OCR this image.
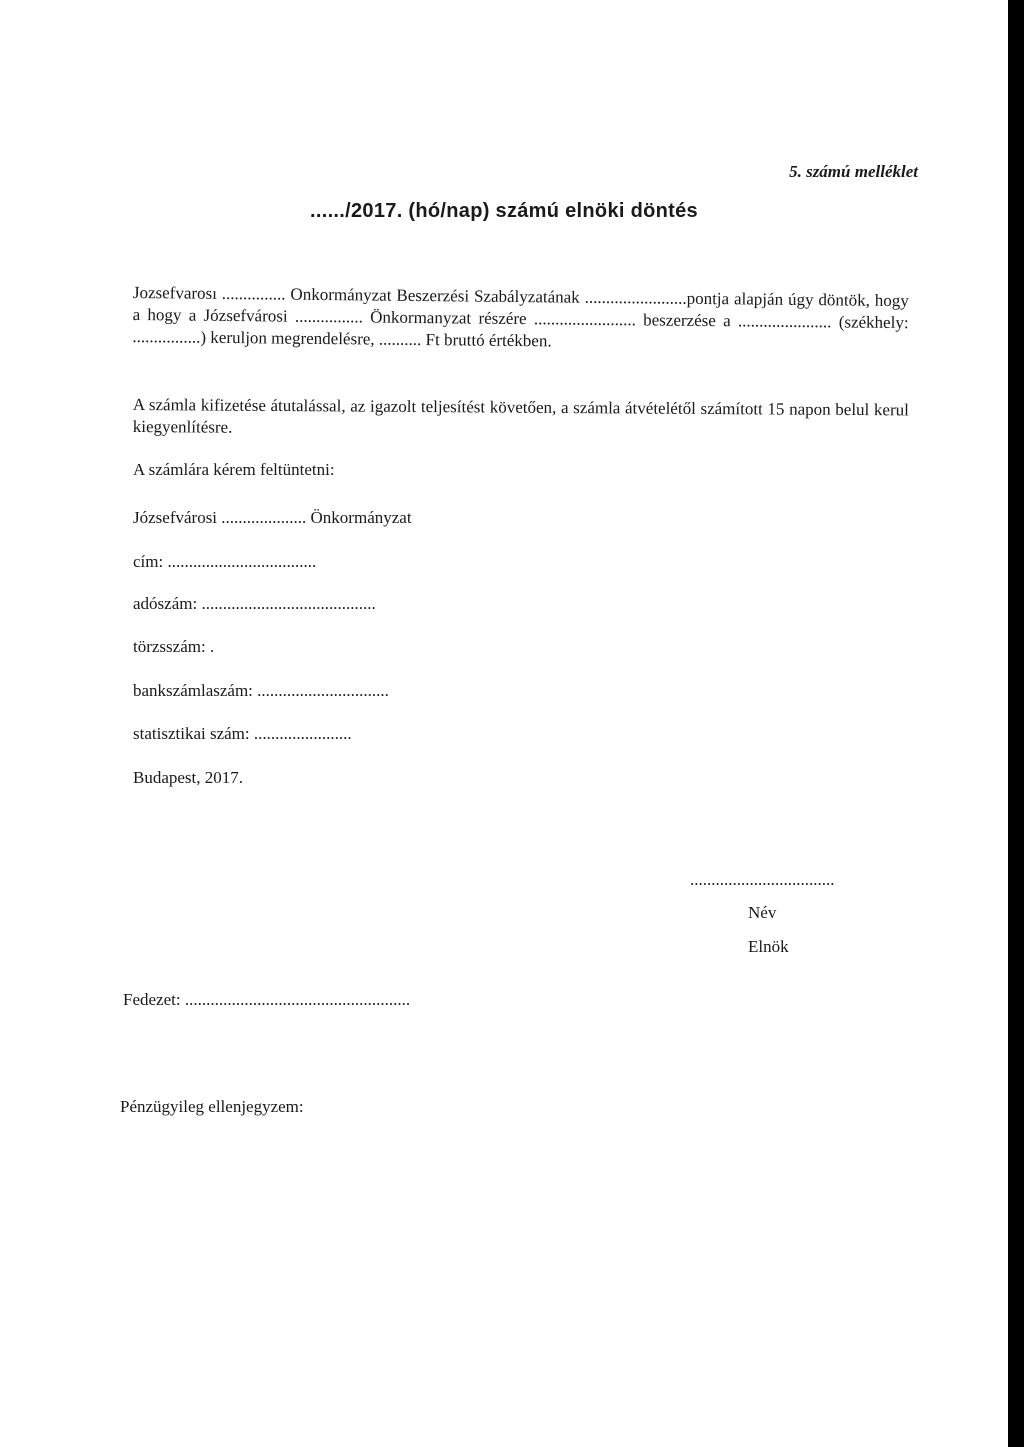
5. számú melléklet
....../2017. (hó/nap) számú elnöki döntés
Jozsefvarosı ............... Onkormányzat Beszerzési Szabályzatának ........................pontja alapján úgy döntök, hogy a hogy a Józsefvárosi ................ Önkormanyzat részére ........................ beszerzése a ...................... (székhely: ................) keruljon megrendelésre, .......... Ft bruttó értékben.
A számla kifizetése átutalással, az igazolt teljesítést követően, a számla átvételétől számított 15 napon belul kerul kiegyenlítésre.
A számlára kérem feltüntetni:
Józsefvárosi .................... Önkormányzat
cím: ...................................
adószám: .........................................
törzsszám: .
bankszámlaszám: ...............................
statisztikai szám: .......................
Budapest, 2017.
..................................
Név
Elnök
Fedezet: .....................................................
Pénzügyileg ellenjegyzem:
